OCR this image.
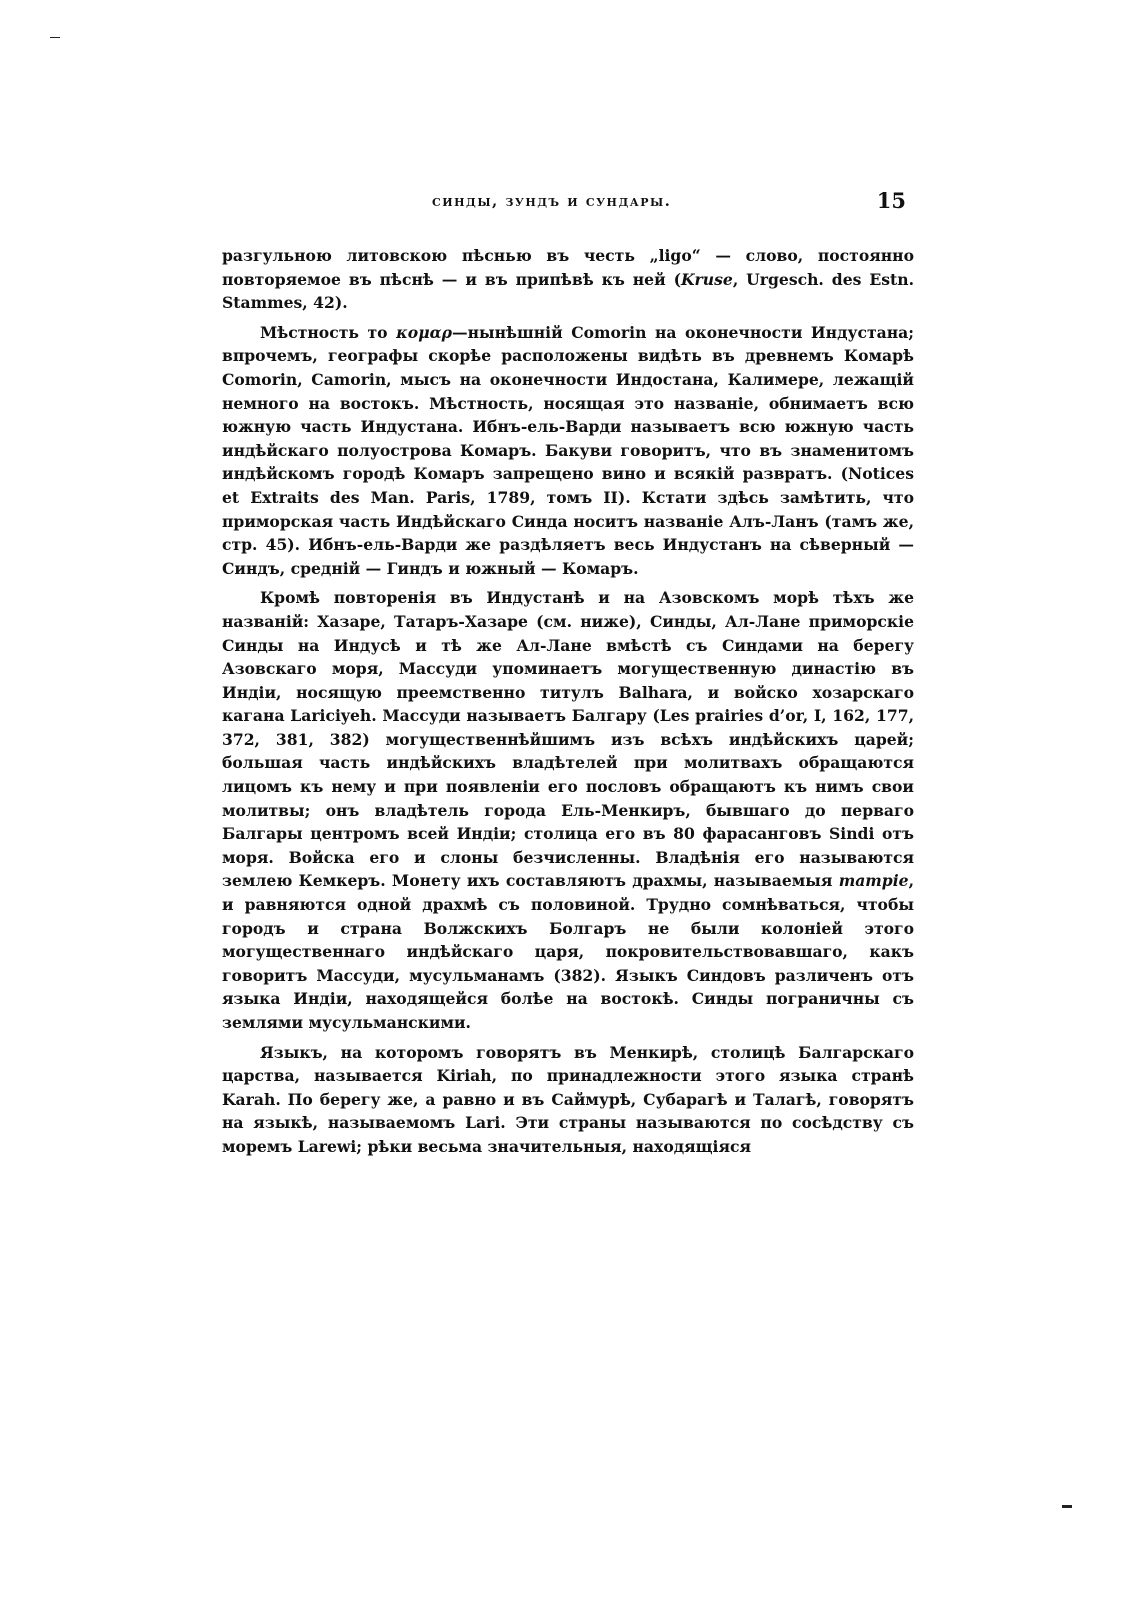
синды, зундъ и сундары.	15

разгульною литовскою пѣснью въ честь „ligo“ — слово, постоянно повторяемое въ пѣснѣ — и въ припѣвѣ къ ней (Kruse, Urgesch. des Estn. Stammes, 42).

Мѣстность то κομαρ—нынѣшній Comorin на оконечности Индустана; впрочемъ, географы скорѣе расположены видѣть въ древнемъ Комарѣ Comorin, Camorin, мысъ на оконечности Индостана, Калимере, лежащій немного на востокъ. Мѣстность, носящая это названіе, обнимаетъ всю южную часть Индустана. Ибнъ-ель-Варди называетъ всю южную часть индѣйскаго полуострова Комаръ. Бакуви говоритъ, что въ знаменитомъ индѣйскомъ городѣ Комаръ запрещено вино и всякій развратъ. (Notices et Extraits des Man. Paris, 1789, томъ II). Кстати здѣсь замѣтить, что приморская часть Индѣйскаго Синда носитъ названіе Алъ-Ланъ (тамъ же, стр. 45). Ибнъ-ель-Варди же раздѣляетъ весь Индустанъ на сѣверный — Синдъ, средній — Гиндъ и южный — Комаръ.

Кромѣ повторенія въ Индустанѣ и на Азовскомъ морѣ тѣхъ же названій: Хазаре, Татаръ-Хазаре (см. ниже), Синды, Ал-Ланe приморскіе Синды на Индусѣ и тѣ же Ал-Ланe вмѣстѣ съ Синдами на берегу Азовскаго моря, Массуди упоминаетъ могущественную династію въ Индіи, носящую преемственно титулъ Balhara, и войско хозарскаго кагана Lariciyeh. Массуди называетъ Балгару (Les prairies d’or, I, 162, 177, 372, 381, 382) могущественнѣйшимъ изъ всѣхъ индѣйскихъ царей; большая часть индѣйскихъ владѣтелей при молитвахъ обращаются лицомъ къ нему и при появленіи его пословъ обращаютъ къ нимъ свои молитвы; онъ владѣтель города Ель-Менкиръ, бывшаго до перваго Балгары центромъ всей Индіи; столица его въ 80 фарасанговъ Sindi отъ моря. Войска его и слоны безчисленны. Владѣнія его называются землею Кемкеръ. Монету ихъ составляютъ драхмы, называемыя татріе, и равняются одной драхмѣ съ половиной. Трудно сомнѣваться, чтобы городъ и страна Волжскихъ Болгаръ не были колоніей этого могущественнаго индѣйскаго царя, покровительствовавшаго, какъ говоритъ Массуди, мусульманамъ (382). Языкъ Синдовъ различенъ отъ языка Индіи, находящейся болѣе на востокѣ. Синды пограничны съ землями мусульманскими.

Языкъ, на которомъ говорятъ въ Менкирѣ, столицѣ Балгарскаго царства, называется Kiriah, по принадлежности этого языка странѣ Karah. По берегу же, а равно и въ Саймурѣ, Субарагѣ и Талагѣ, говорятъ на языкѣ, называемомъ Lari. Эти страны называются по сосѣдству съ моремъ Larewi; рѣки весьма значительныя, находящіяся
